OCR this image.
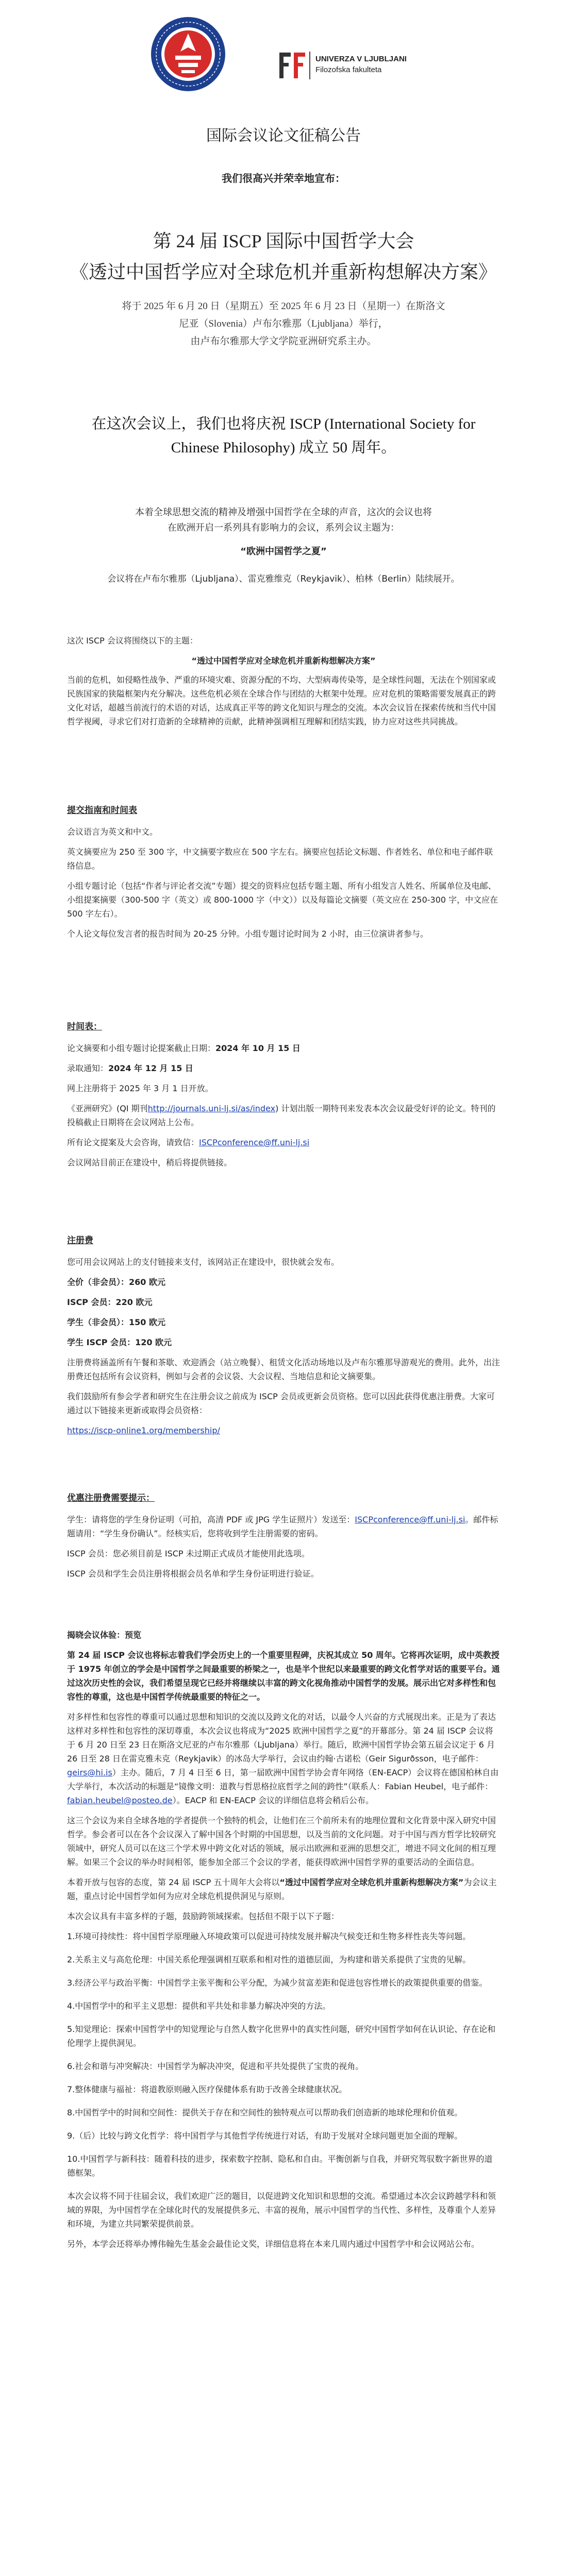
UNIVERZA V LJUBLJANI
Filozofska fakulteta
国际会议论文征稿公告
我们很高兴并荣幸地宣布：
第 24 届 ISCP 国际中国哲学大会
《透过中国哲学应对全球危机并重新构想解决方案》
将于 2025 年 6 月 20 日（星期五）至 2025 年 6 月 23 日（星期一）在斯洛文
尼亚（Slovenia）卢布尔雅那（Ljubljana）举行，
由卢布尔雅那大学文学院亚洲研究系主办。
在这次会议上，我们也将庆祝 ISCP (International Society for
Chinese Philosophy) 成立 50 周年。
本着全球思想交流的精神及增强中国哲学在全球的声音，这次的会议也将
在欧洲开启一系列具有影响力的会议，系列会议主题为：
“欧洲中国哲学之夏”
会议将在卢布尔雅那（Ljubljana）、雷克雅维克（Reykjavik）、柏林（Berlin）陆续展开。

这次 ISCP 会议将围绕以下的主题：

“透过中国哲学应对全球危机并重新构想解决方案”

当前的危机，如侵略性战争、严重的环境灾难、资源分配的不均、大型病毒传染等，是全球性问题，无法在个别国家或民族国家的狭隘框架内充分解决。这些危机必须在全球合作与团结的大框架中处理。应对危机的策略需要发展真正的跨文化对话，超越当前流行的术语的对话，达成真正平等的跨文化知识与理念的交流。本次会议旨在探索传统和当代中国哲学视阈，寻求它们对打造新的全球精神的贡献，此精神强调相互理解和团结实践，协力应对这些共同挑战。

提交指南和时间表

会议语言为英文和中文。

英文摘要应为 250 至 300 字，中文摘要字数应在 500 字左右。摘要应包括论文标题、作者姓名、单位和电子邮件联络信息。

小组专题讨论（包括“作者与评论者交流”专题）提交的资料应包括专题主题、所有小组发言人姓名、所属单位及电邮、小组提案摘要（300-500 字（英文）或 800-1000 字（中文））以及每篇论文摘要（英文应在 250-300 字，中文应在 500 字左右）。

个人论文每位发言者的报告时间为 20-25 分钟。小组专题讨论时间为 2 小时，由三位演讲者参与。

时间表：

论文摘要和小组专题讨论提案截止日期：2024 年 10 月 15 日

录取通知：2024 年 12 月 15 日

网上注册将于 2025 年 3 月 1 日开放。

《亚洲研究》(QI 期刊http://journals.uni-lj.si/as/index) 计划出版一期特刊来发表本次会议最受好评的论文。特刊的投稿截止日期将在会议网站上公布。

所有论文提案及大会咨询，请致信：ISCPconference@ff.uni-lj.si

会议网站目前正在建设中，稍后将提供链接。

注册费

您可用会议网站上的支付链接来支付，该网站正在建设中，很快就会发布。

全价（非会员）：260 欧元

ISCP 会员：220 欧元

学生（非会员）：150 欧元

学生 ISCP 会员：120 欧元

注册费将涵盖所有午餐和茶歇、欢迎酒会（站立晚餐）、租赁文化活动场地以及卢布尔雅那导游观光的费用。此外，出注册费还包括所有会议资料，例如与会者的会议袋、大会议程、当地信息和论文摘要集。

我们鼓励所有参会学者和研究生在注册会议之前成为 ISCP 会员或更新会员资格。您可以因此获得优惠注册费。大家可通过以下链接来更新或取得会员资格：

https://iscp-online1.org/membership/

优惠注册费需要提示：

学生：请将您的学生身份证明（可拍，高清 PDF 或 JPG 学生证照片）发送至：ISCPconference@ff.uni-lj.si。邮件标题请用：“学生身份确认”。经核实后，您将收到学生注册需要的密码。

ISCP 会员：您必须目前是 ISCP 未过期正式成员才能使用此选项。

ISCP 会员和学生会员注册将根据会员名单和学生身份证明进行验证。

揭晓会议体验：预览

第 24 届 ISCP 会议也将标志着我们学会历史上的一个重要里程碑，庆祝其成立 50 周年。它将再次证明，成中英教授于 1975 年创立的学会是中国哲学之间最重要的桥梁之一，也是半个世纪以来最重要的跨文化哲学对话的重要平台。通过这次历史性的会议，我们希望呈现它已经并将继续以丰富的跨文化视角推动中国哲学的发展。展示出它对多样性和包容性的尊重，这也是中国哲学传统最重要的特征之一。

对多样性和包容性的尊重可以通过思想和知识的交流以及跨文化的对话，以最令人兴奋的方式展现出来。正是为了表达这样对多样性和包容性的深切尊重，本次会议也将成为“2025 欧洲中国哲学之夏”的开幕部分。第 24 届 ISCP 会议将于 6 月 20 日至 23 日在斯洛文尼亚的卢布尔雅那（Ljubljana）举行。随后，欧洲中国哲学协会第五届会议定于 6 月 26 日至 28 日在雷克雅未克（Reykjavik）的冰岛大学举行，会议由约翰·古诺松（Geir Sigurðsson，电子邮件：geirs@hi.is）主办。随后，7 月 4 日至 6 日，第一届欧洲中国哲学协会青年网络（EN-EACP）会议将在德国柏林自由大学举行，本次活动的标题是“镜像文明：道教与哲思格拉底哲学之间的跨性”（联系人：Fabian Heubel，电子邮件：fabian.heubel@posteo.de）。EACP 和 EN-EACP 会议的详细信息将会稍后公布。

这三个会议为来自全球各地的学者提供一个独特的机会，让他们在三个前所未有的地理位置和文化背景中深入研究中国哲学。参会者可以在各个会议深入了解中国各个时期的中国思想，以及当前的文化问题。对于中国与西方哲学比较研究领域中，研究人员可以在这三个学术界中跨文化对话的领域，展示出欧洲和亚洲的思想交汇，增进不同文化间的相互理解。如果三个会议的举办时间相邻，能参加全部三个会议的学者，能获得欧洲中国哲学界的重要活动的全面信息。

本着开放与包容的态度，第 24 届 ISCP 五十周年大会将以“透过中国哲学应对全球危机并重新构想解决方案”为会议主题，重点讨论中国哲学如何为应对全球危机提供洞见与原则。

本次会议具有丰富多样的子题，鼓励跨领域探索。包括但不限于以下子题：

1.环境可持续性：将中国哲学原理融入环境政策可以促进可持续发展并解决气候变迁和生物多样性丧失等问题。

2.关系主义与高危伦理：中国关系伦理强调相互联系和相对性的道德层面，为构建和谐关系提供了宝贵的见解。

3.经济公平与政治平衡：中国哲学主张平衡和公平分配，为减少贫富差距和促进包容性增长的政策提供重要的借鉴。

4.中国哲学中的和平主义思想：提供和平共处和非暴力解决冲突的方法。

5.知觉理论：探索中国哲学中的知觉理论与自然人数字化世界中的真实性问题，研究中国哲学如何在认识论、存在论和伦理学上提供洞见。

6.社会和谐与冲突解决：中国哲学为解决冲突，促进和平共处提供了宝贵的视角。

7.整体健康与福祉：将道教原则融入医疗保健体系有助于改善全球健康状况。

8.中国哲学中的时间和空间性：提供关于存在和空间性的独特观点可以帮助我们创造新的地球伦理和价值观。

9.（后）比较与跨文化哲学：将中国哲学与其他哲学传统进行对话，有助于发展对全球问题更加全面的理解。

10.中国哲学与新科技：随着科技的进步，探索数字控制、隐私和自由。平衡创新与自我，并研究驾驭数字新世界的道德框架。

本次会议将不同于往届会议，我们欢迎广泛的题目，以促进跨文化知识和思想的交流。希望通过本次会议跨越学科和领域的界限，为中国哲学在全球化时代的发展提供多元、丰富的视角，展示中国哲学的当代性、多样性，及尊重个人差异和环境，为建立共同繁荣提供前景。

另外，本学会还将举办博伟翰先生基金会最佳论文奖，详细信息将在本来几周内通过中国哲学中和会议网站公布。
